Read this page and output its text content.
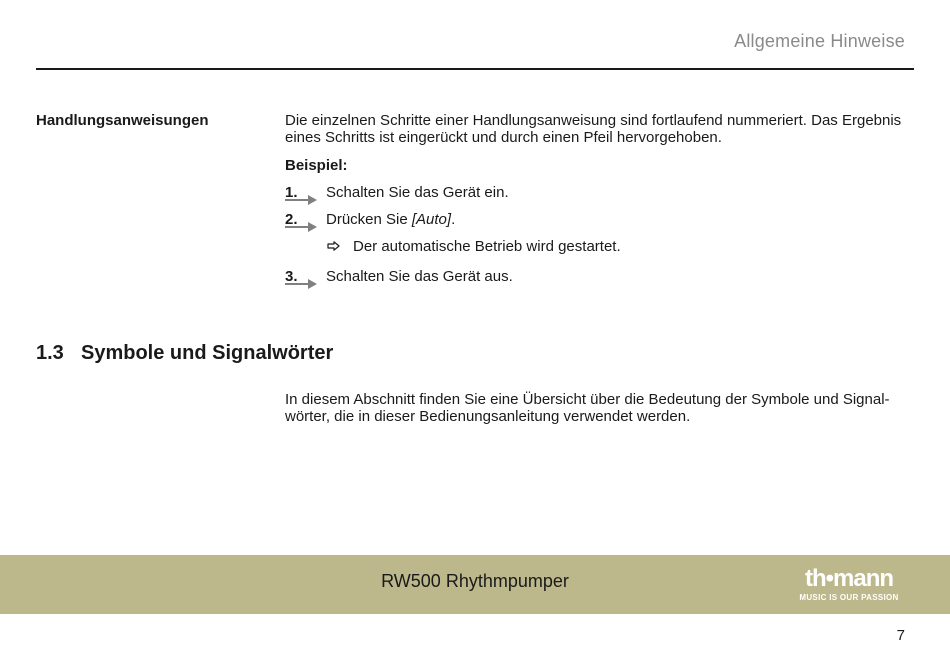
Allgemeine Hinweise
Handlungsanweisungen	Die einzelnen Schritte einer Handlungsanweisung sind fortlaufend nummeriert. Das Ergebnis eines Schritts ist eingerückt und durch einen Pfeil hervorgehoben.
Beispiel:
1.	Schalten Sie das Gerät ein.
2.	Drücken Sie [Auto].
Der automatische Betrieb wird gestartet.
3.	Schalten Sie das Gerät aus.
1.3 Symbole und Signalwörter
In diesem Abschnitt finden Sie eine Übersicht über die Bedeutung der Symbole und Signal-
wörter, die in dieser Bedienungsanleitung verwendet werden.
RW500 Rhythmpumper	th•mann
MUSIC IS OUR PASSION
7
